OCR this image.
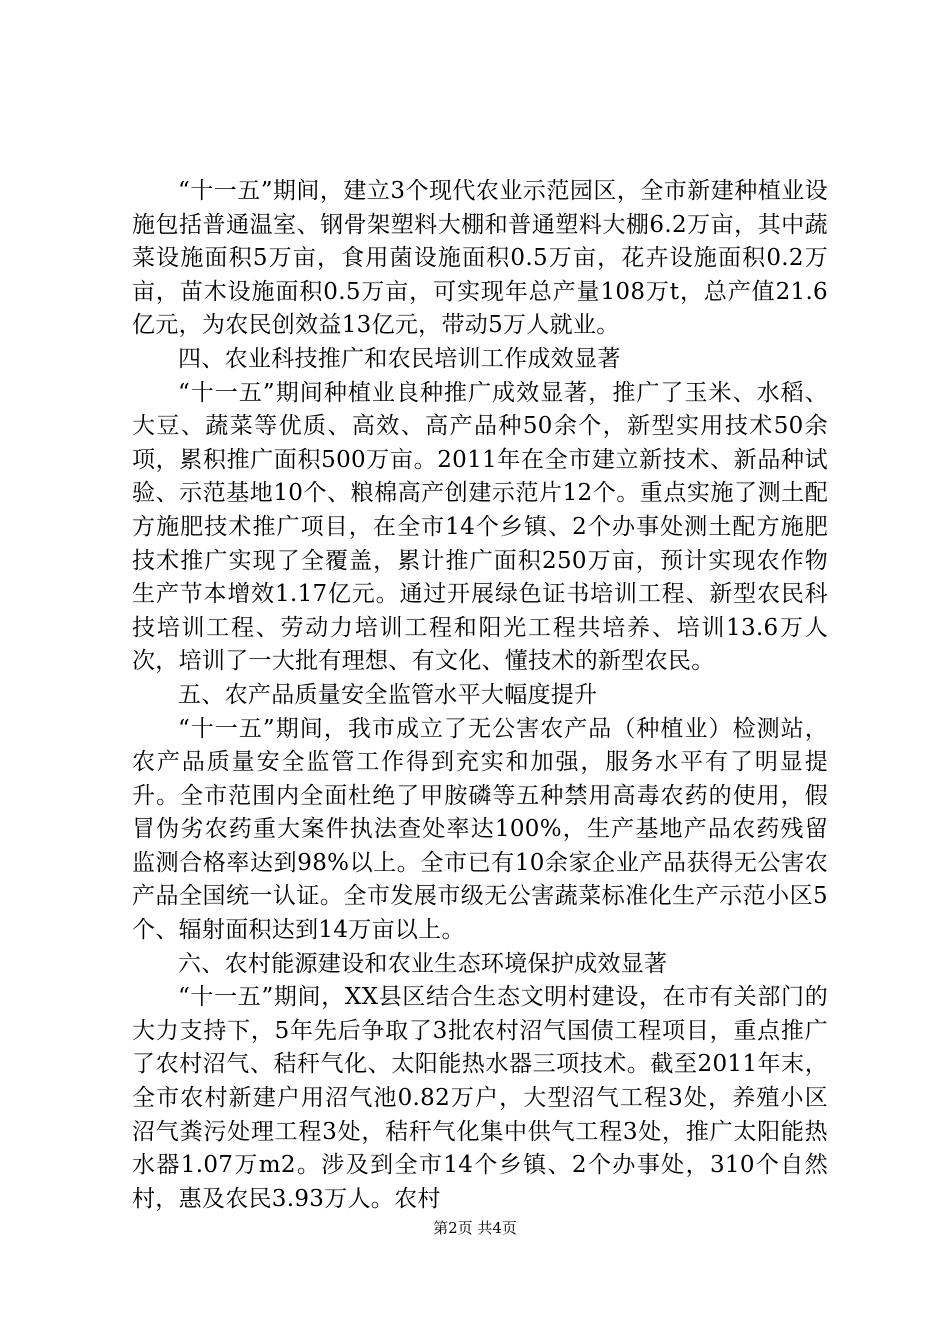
“十一五”期间，建立3个现代农业示范园区，全市新建种植业设施包括普通温室、钢骨架塑料大棚和普通塑料大棚6.2万亩，其中蔬菜设施面积5万亩，食用菌设施面积0.5万亩，花卉设施面积0.2万亩，苗木设施面积0.5万亩，可实现年总产量108万t，总产值21.6亿元，为农民创效益13亿元，带动5万人就业。

四、农业科技推广和农民培训工作成效显著

“十一五”期间种植业良种推广成效显著，推广了玉米、水稻、大豆、蔬菜等优质、高效、高产品种50余个，新型实用技术50余项，累积推广面积500万亩。2011年在全市建立新技术、新品种试验、示范基地10个、粮棉高产创建示范片12个。重点实施了测土配方施肥技术推广项目，在全市14个乡镇、2个办事处测土配方施肥技术推广实现了全覆盖，累计推广面积250万亩，预计实现农作物生产节本增效1.17亿元。通过开展绿色证书培训工程、新型农民科技培训工程、劳动力培训工程和阳光工程共培养、培训13.6万人次，培训了一大批有理想、有文化、懂技术的新型农民。

五、农产品质量安全监管水平大幅度提升

“十一五”期间，我市成立了无公害农产品（种植业）检测站，农产品质量安全监管工作得到充实和加强，服务水平有了明显提升。全市范围内全面杜绝了甲胺磷等五种禁用高毒农药的使用，假冒伪劣农药重大案件执法查处率达100%，生产基地产品农药残留监测合格率达到98%以上。全市已有10余家企业产品获得无公害农产品全国统一认证。全市发展市级无公害蔬菜标准化生产示范小区5个、辐射面积达到14万亩以上。

六、农村能源建设和农业生态环境保护成效显著

“十一五”期间，XX县区结合生态文明村建设，在市有关部门的大力支持下，5年先后争取了3批农村沼气国债工程项目，重点推广了农村沼气、秸秆气化、太阳能热水器三项技术。截至2011年末，全市农村新建户用沼气池0.82万户，大型沼气工程3处，养殖小区沼气粪污处理工程3处，秸秆气化集中供气工程3处，推广太阳能热水器1.07万m2。涉及到全市14个乡镇、2个办事处，310个自然村，惠及农民3.93万人。农村

第2页 共4页
